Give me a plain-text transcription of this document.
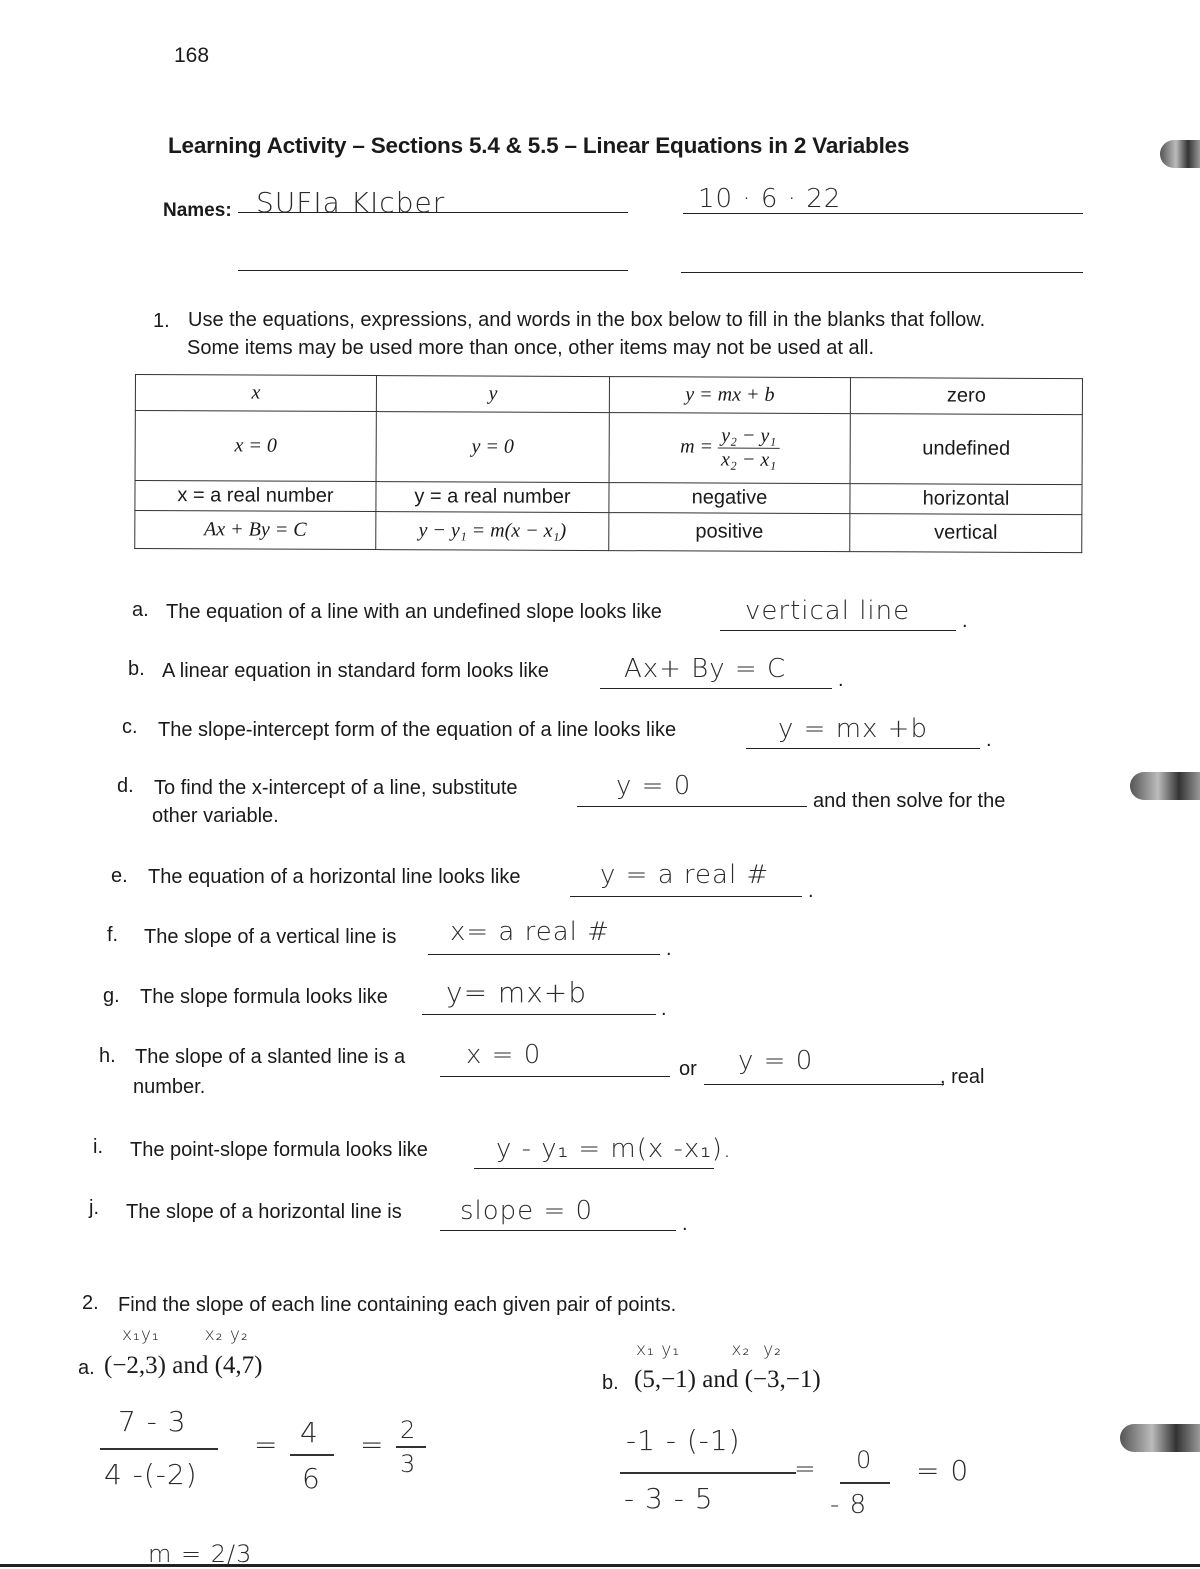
168
Learning Activity – Sections 5.4 & 5.5 – Linear Equations in 2 Variables
Names: SUFIa KIcber	10 · 6 · 22
1. Use the equations, expressions, and words in the box below to fill in the blanks that follow.
Some items may be used more than once, other items may not be used at all.
x	y	y = mx + b	zero
x = 0	y = 0	$m = \frac{\text{y₂ − y₁}}{\text{x₂ − x₁}}$	undefined
x = a real number	y = a real number	negative	horizontal
Ax + By = C	y − y₁ = m(x − x₁)	positive	vertical
a. The equation of a line with an undefined slope looks like	vertical line	.
b. A linear equation in standard form looks like	Ax+ By = C	.
c. The slope-intercept form of the equation of a line looks like	y = mx +b	.
d. To find the x-intercept of a line, substitute	y = 0	and then solve for the
other variable.
e. The equation of a horizontal line looks like	y = a real #
.
f. The slope of a vertical line is x= a real #
.
g. The slope formula looks like y= mx+b	.
h. The slope of a slanted line is a x = 0	or y = 0
, real
number.
i. The point-slope formula looks like	y - y₁ = m(x -x₁).
j. The slope of a horizontal line is slope = 0	.
2. Find the slope of each line containing each given pair of points.
x₁y₁       x₂ y₂
a. (−2,3) and (4,7)
7 - 3
4 -(-2)
= 4
6
= 2
3
m = 2/3
x₁ y₁        x₂  y₂
b. (5,−1) and (−3,−1)
-1 - (-1)
- 3 - 5
= 0
- 8
= 0
